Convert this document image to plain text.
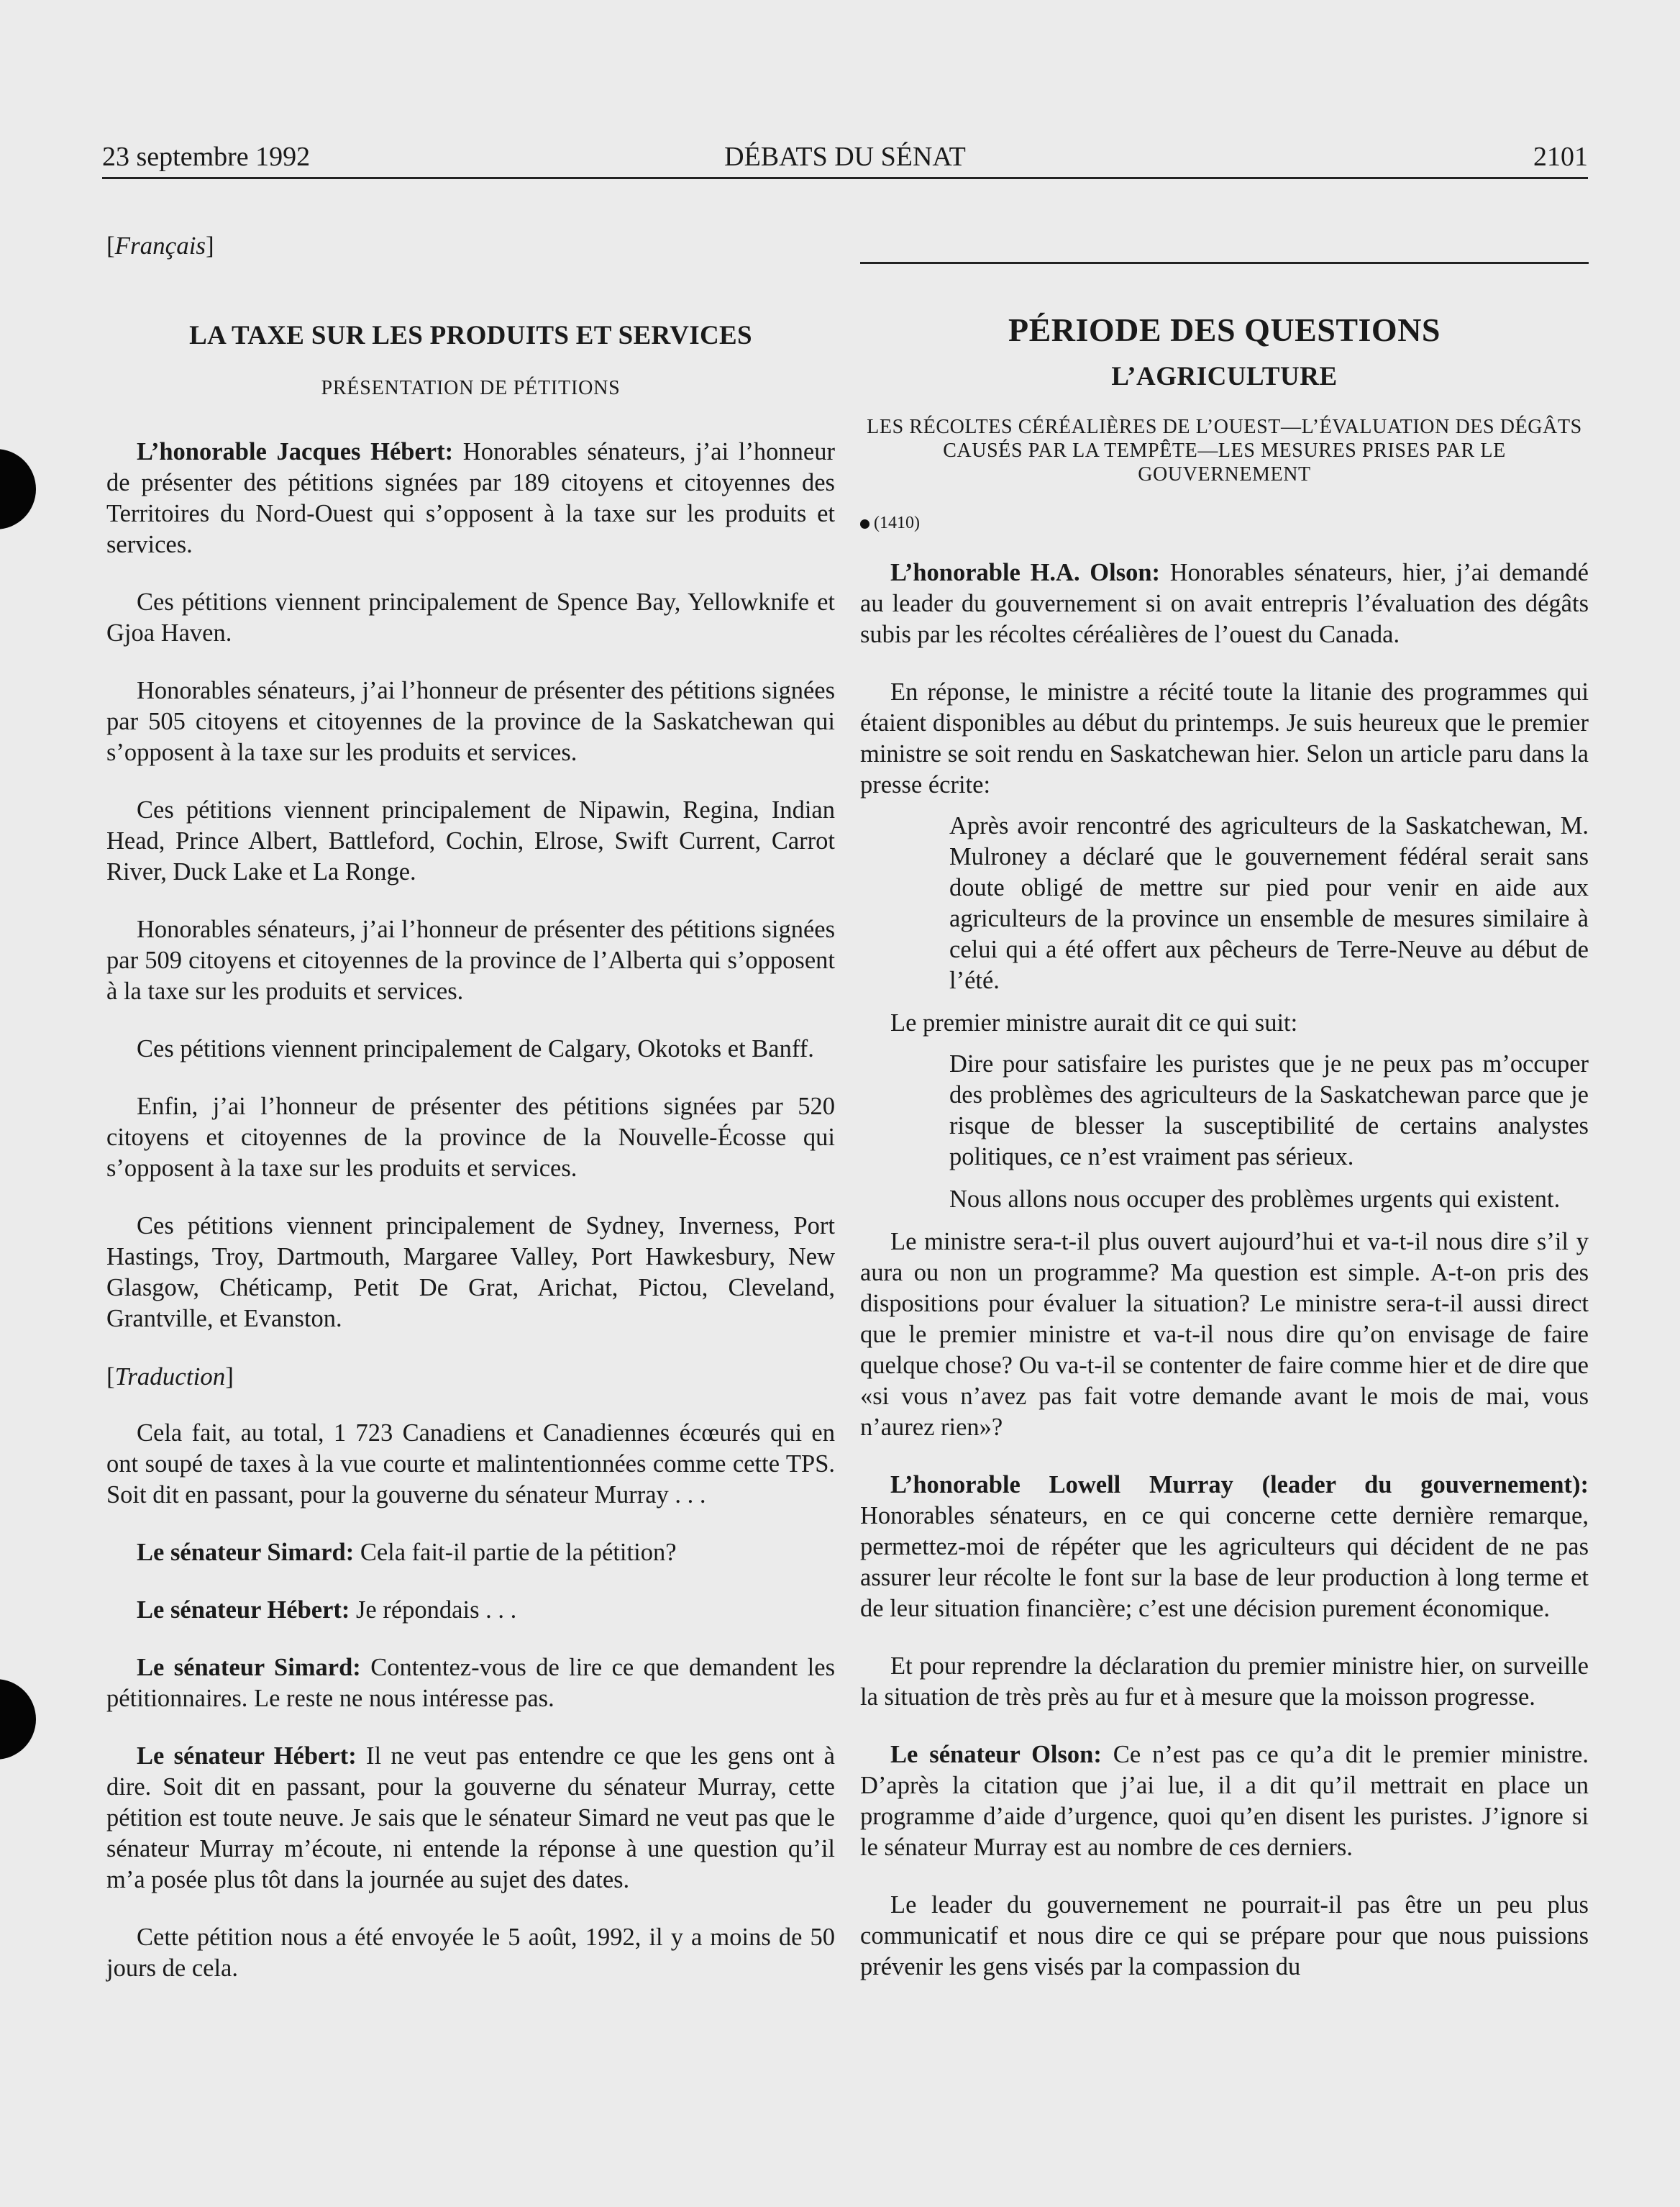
23 septembre 1992	DÉBATS DU SÉNAT	2101

[Français]

LA TAXE SUR LES PRODUITS ET SERVICES
PRÉSENTATION DE PÉTITIONS

L’honorable Jacques Hébert: Honorables sénateurs, j’ai l’honneur de présenter des pétitions signées par 189 citoyens et citoyennes des Territoires du Nord-Ouest qui s’opposent à la taxe sur les produits et services.

Ces pétitions viennent principalement de Spence Bay, Yellowknife et Gjoa Haven.

Honorables sénateurs, j’ai l’honneur de présenter des pétitions signées par 505 citoyens et citoyennes de la province de la Saskatchewan qui s’opposent à la taxe sur les produits et services.

Ces pétitions viennent principalement de Nipawin, Regina, Indian Head, Prince Albert, Battleford, Cochin, Elrose, Swift Current, Carrot River, Duck Lake et La Ronge.

Honorables sénateurs, j’ai l’honneur de présenter des pétitions signées par 509 citoyens et citoyennes de la province de l’Alberta qui s’opposent à la taxe sur les produits et services.

Ces pétitions viennent principalement de Calgary, Okotoks et Banff.

Enfin, j’ai l’honneur de présenter des pétitions signées par 520 citoyens et citoyennes de la province de la Nouvelle-Écosse qui s’opposent à la taxe sur les produits et services.

Ces pétitions viennent principalement de Sydney, Inverness, Port Hastings, Troy, Dartmouth, Margaree Valley, Port Hawkesbury, New Glasgow, Chéticamp, Petit De Grat, Arichat, Pictou, Cleveland, Grantville, et Evanston.

[Traduction]

Cela fait, au total, 1 723 Canadiens et Canadiennes écœurés qui en ont soupé de taxes à la vue courte et malintentionnées comme cette TPS. Soit dit en passant, pour la gouverne du sénateur Murray . . .

Le sénateur Simard: Cela fait-il partie de la pétition?

Le sénateur Hébert: Je répondais . . .

Le sénateur Simard: Contentez-vous de lire ce que demandent les pétitionnaires. Le reste ne nous intéresse pas.

Le sénateur Hébert: Il ne veut pas entendre ce que les gens ont à dire. Soit dit en passant, pour la gouverne du sénateur Murray, cette pétition est toute neuve. Je sais que le sénateur Simard ne veut pas que le sénateur Murray m’écoute, ni entende la réponse à une question qu’il m’a posée plus tôt dans la journée au sujet des dates.

Cette pétition nous a été envoyée le 5 août, 1992, il y a moins de 50 jours de cela.

PÉRIODE DES QUESTIONS
L’AGRICULTURE
LES RÉCOLTES CÉRÉALIÈRES DE L’OUEST—L’ÉVALUATION DES DÉGÂTS CAUSÉS PAR LA TEMPÊTE—LES MESURES PRISES PAR LE GOUVERNEMENT
(1410)

L’honorable H.A. Olson: Honorables sénateurs, hier, j’ai demandé au leader du gouvernement si on avait entrepris l’évaluation des dégâts subis par les récoltes céréalières de l’ouest du Canada.

En réponse, le ministre a récité toute la litanie des programmes qui étaient disponibles au début du printemps. Je suis heureux que le premier ministre se soit rendu en Saskatchewan hier. Selon un article paru dans la presse écrite:

Après avoir rencontré des agriculteurs de la Saskatchewan, M. Mulroney a déclaré que le gouvernement fédéral serait sans doute obligé de mettre sur pied pour venir en aide aux agriculteurs de la province un ensemble de mesures similaire à celui qui a été offert aux pêcheurs de Terre-Neuve au début de l’été.

Le premier ministre aurait dit ce qui suit:

Dire pour satisfaire les puristes que je ne peux pas m’occuper des problèmes des agriculteurs de la Saskatchewan parce que je risque de blesser la susceptibilité de certains analystes politiques, ce n’est vraiment pas sérieux.

Nous allons nous occuper des problèmes urgents qui existent.

Le ministre sera-t-il plus ouvert aujourd’hui et va-t-il nous dire s’il y aura ou non un programme? Ma question est simple. A-t-on pris des dispositions pour évaluer la situation? Le ministre sera-t-il aussi direct que le premier ministre et va-t-il nous dire qu’on envisage de faire quelque chose? Ou va-t-il se contenter de faire comme hier et de dire que «si vous n’avez pas fait votre demande avant le mois de mai, vous n’aurez rien»?

L’honorable Lowell Murray (leader du gouvernement): Honorables sénateurs, en ce qui concerne cette dernière remarque, permettez-moi de répéter que les agriculteurs qui décident de ne pas assurer leur récolte le font sur la base de leur production à long terme et de leur situation financière; c’est une décision purement économique.

Et pour reprendre la déclaration du premier ministre hier, on surveille la situation de très près au fur et à mesure que la moisson progresse.

Le sénateur Olson: Ce n’est pas ce qu’a dit le premier ministre. D’après la citation que j’ai lue, il a dit qu’il mettrait en place un programme d’aide d’urgence, quoi qu’en disent les puristes. J’ignore si le sénateur Murray est au nombre de ces derniers.

Le leader du gouvernement ne pourrait-il pas être un peu plus communicatif et nous dire ce qui se prépare pour que nous puissions prévenir les gens visés par la compassion du
